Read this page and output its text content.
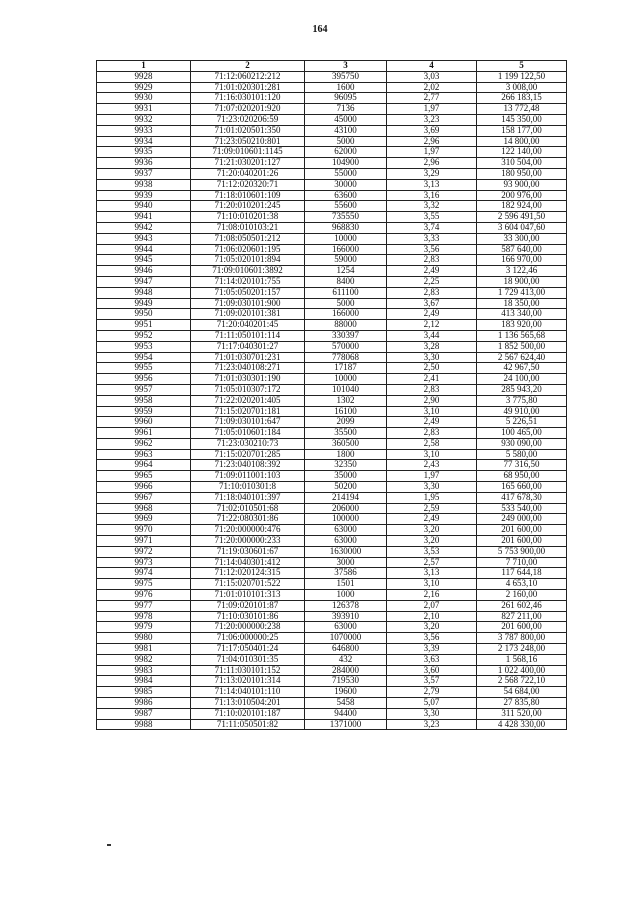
164
1	2	3	4	5
9928	71:12:060212:212	395750	3,03	1 199 122,50
9929	71:01:020301:281	1600	2,02	3 008,00
9930	71:16:030101:120	96095	2,77	266 183,15
9931	71:07:020201:920	7136	1,97	13 772,48
9932	71:23:020206:59	45000	3,23	145 350,00
9933	71:01:020501:350	43100	3,69	158 177,00
9934	71:23:050210:801	5000	2,96	14 800,00
9935	71:09:010601:1145	62000	1,97	122 140,00
9936	71:21:030201:127	104900	2,96	310 504,00
9937	71:20:040201:26	55000	3,29	180 950,00
9938	71:12:020320:71	30000	3,13	93 900,00
9939	71:18:010601:109	63600	3,16	200 976,00
9940	71:20:010201:245	55600	3,32	182 924,00
9941	71:10:010201:38	735550	3,55	2 596 491,50
9942	71:08:010103:21	968830	3,74	3 604 047,60
9943	71:08:050501:212	10000	3,33	33 300,00
9944	71:06:020601:195	166000	3,56	587 640,00
9945	71:05:020101:894	59000	2,83	166 970,00
9946	71:09:010601:3892	1254	2,49	3 122,46
9947	71:14:020101:755	8400	2,25	18 900,00
9948	71:05:050201:157	611100	2,83	1 729 413,00
9949	71:09:030101:900	5000	3,67	18 350,00
9950	71:09:020101:381	166000	2,49	413 340,00
9951	71:20:040201:45	88000	2,12	183 920,00
9952	71:11:050101:114	330397	3,44	1 136 565,68
9953	71:17:040301:27	570000	3,28	1 852 500,00
9954	71:01:030701:231	778068	3,30	2 567 624,40
9955	71:23:040108:271	17187	2,50	42 967,50
9956	71:01:030301:190	10000	2,41	24 100,00
9957	71:05:010307:172	101040	2,83	285 943,20
9958	71:22:020201:405	1302	2,90	3 775,80
9959	71:15:020701:181	16100	3,10	49 910,00
9960	71:09:030101:647	2099	2,49	5 226,51
9961	71:05:010601:184	35500	2,83	100 465,00
9962	71:23:030210:73	360500	2,58	930 090,00
9963	71:15:020701:285	1800	3,10	5 580,00
9964	71:23:040108:392	32350	2,43	77 316,50
9965	71:09:011001:103	35000	1,97	68 950,00
9966	71:10:010301:8	50200	3,30	165 660,00
9967	71:18:040101:397	214194	1,95	417 678,30
9968	71:02:010501:68	206000	2,59	533 540,00
9969	71:22:080301:86	100000	2,49	249 000,00
9970	71:20:000000:476	63000	3,20	201 600,00
9971	71:20:000000:233	63000	3,20	201 600,00
9972	71:19:030601:67	1630000	3,53	5 753 900,00
9973	71:14:040301:412	3000	2,57	7 710,00
9974	71:12:020124:315	37586	3,13	117 644,18
9975	71:15:020701:522	1501	3,10	4 653,10
9976	71:01:010101:313	1000	2,16	2 160,00
9977	71:09:020101:87	126378	2,07	261 602,46
9978	71:10:030101:86	393910	2,10	827 211,00
9979	71:20:000000:238	63000	3,20	201 600,00
9980	71:06:000000:25	1070000	3,56	3 787 800,00
9981	71:17:050401:24	646800	3,39	2 173 248,00
9982	71:04:010301:35	432	3,63	1 568,16
9983	71:11:030101:152	284000	3,60	1 022 400,00
9984	71:13:020101:314	719530	3,57	2 568 722,10
9985	71:14:040101:110	19600	2,79	54 684,00
9986	71:13:010504:201	5458	5,07	27 835,80
9987	71:10:020101:187	94400	3,30	311 520,00
9988	71:11:050501:82	1371000	3,23	4 428 330,00
